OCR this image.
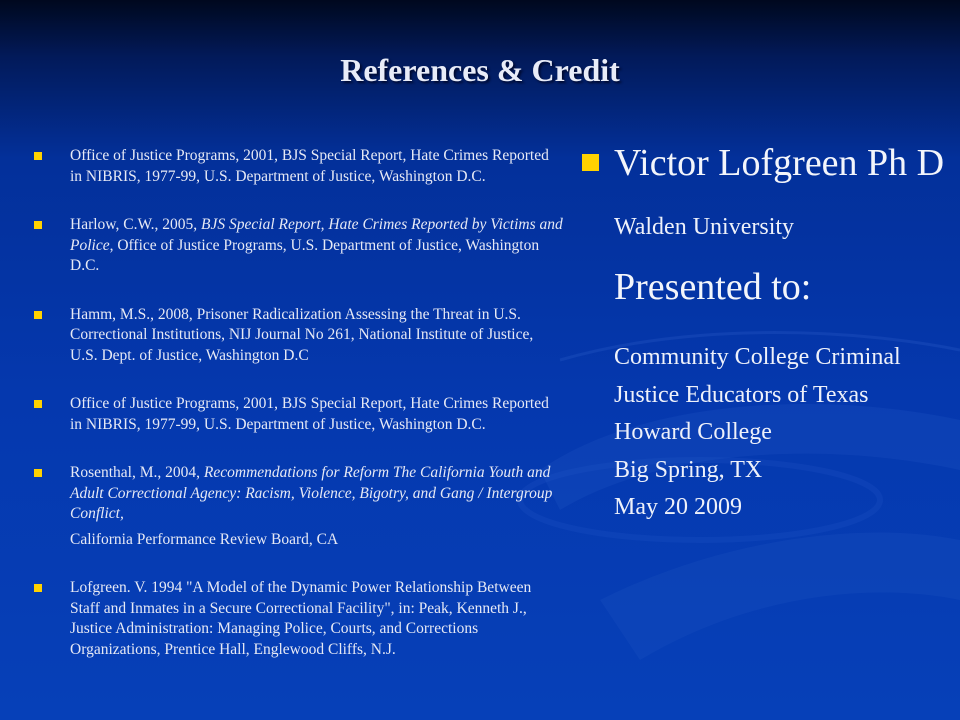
References & Credit
Office of Justice Programs, 2001, BJS Special Report, Hate Crimes Reported in NIBRIS, 1977-99, U.S. Department of Justice, Washington D.C.
Harlow, C.W., 2005, BJS Special Report, Hate Crimes Reported by Victims and Police, Office of Justice Programs, U.S. Department of Justice, Washington D.C.
Hamm, M.S., 2008, Prisoner Radicalization Assessing the Threat in U.S. Correctional Institutions, NIJ Journal No 261, National Institute of Justice, U.S. Dept. of Justice, Washington D.C
Office of Justice Programs, 2001, BJS Special Report, Hate Crimes Reported in NIBRIS, 1977-99, U.S. Department of Justice, Washington D.C.
Rosenthal, M., 2004, Recommendations for Reform The California Youth and Adult Correctional Agency: Racism, Violence, Bigotry, and Gang / Intergroup Conflict,
California Performance Review Board, CA
Lofgreen. V. 1994 "A Model of the Dynamic Power Relationship Between Staff and Inmates in a Secure Correctional Facility", in: Peak, Kenneth J., Justice Administration: Managing Police, Courts, and Corrections Organizations, Prentice Hall, Englewood Cliffs, N.J.
Victor Lofgreen Ph D
Walden University
Presented to:
Community College Criminal Justice Educators of Texas
Howard College
Big Spring, TX
May 20 2009
